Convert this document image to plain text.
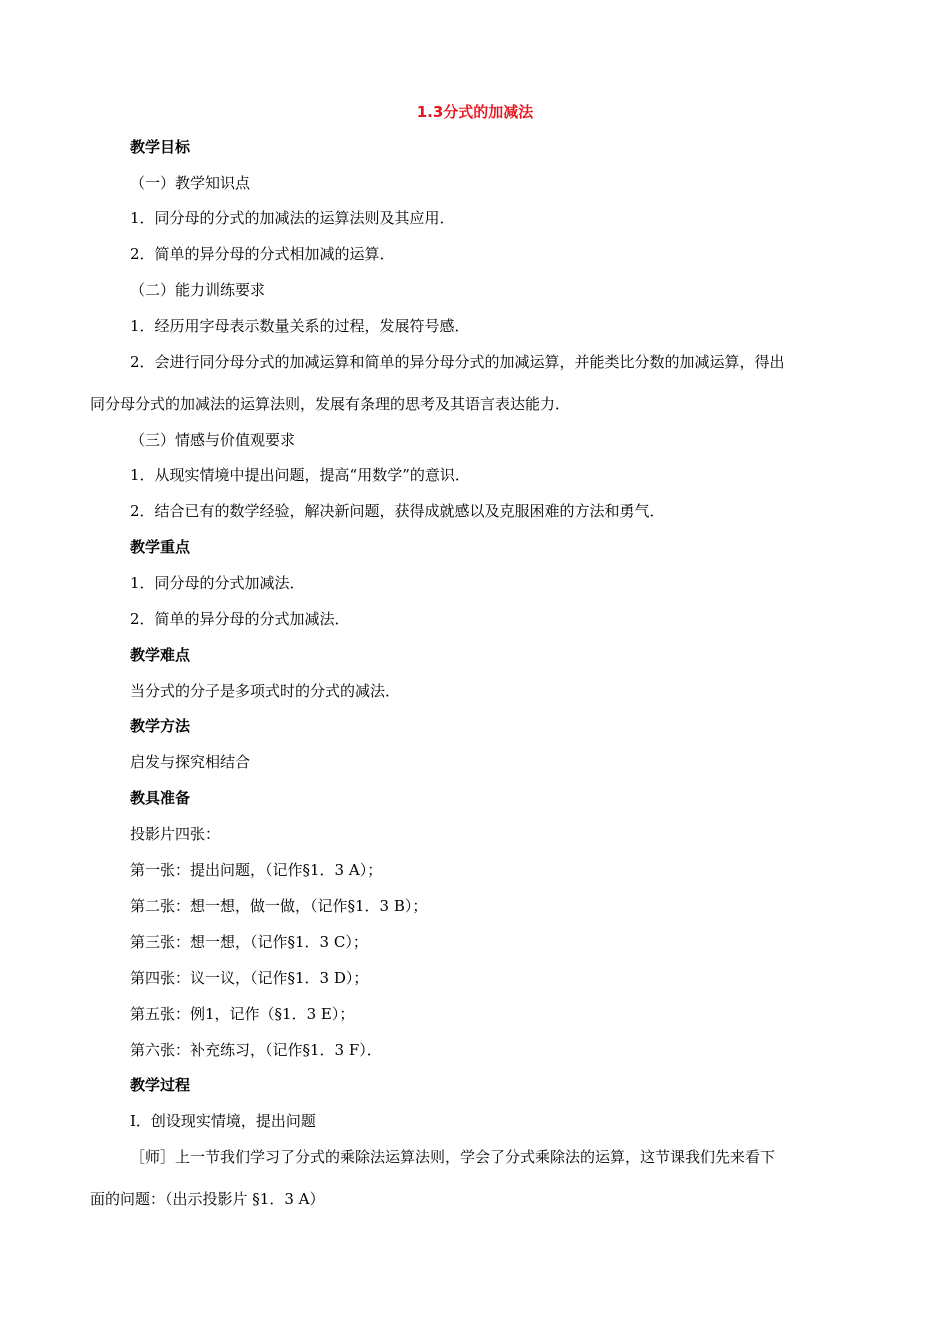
1.3分式的加减法
教学目标
（一）教学知识点
1．同分母的分式的加减法的运算法则及其应用．
2．简单的异分母的分式相加减的运算．
（二）能力训练要求
1．经历用字母表示数量关系的过程，发展符号感．
2．会进行同分母分式的加减运算和简单的异分母分式的加减运算，并能类比分数的加减运算，得出
同分母分式的加减法的运算法则，发展有条理的思考及其语言表达能力．
（三）情感与价值观要求
1．从现实情境中提出问题，提高“用数学”的意识．
2．结合已有的数学经验，解决新问题，获得成就感以及克服困难的方法和勇气．
教学重点
1．同分母的分式加减法．
2．简单的异分母的分式加减法．
教学难点
当分式的分子是多项式时的分式的减法．
教学方法
启发与探究相结合
教具准备
投影片四张：
第一张：提出问题，（记作§1．3 A）；
第二张：想一想，做一做，（记作§1．3 B）；
第三张：想一想，（记作§1．3 C）；
第四张：议一议，（记作§1．3 D）；
第五张：例1，记作（§1．3 E）；
第六张：补充练习，（记作§1．3 F）．
教学过程
Ⅰ．创设现实情境，提出问题
［师］上一节我们学习了分式的乘除法运算法则，学会了分式乘除法的运算，这节课我们先来看下
面的问题：（出示投影片 §1．3 A）
